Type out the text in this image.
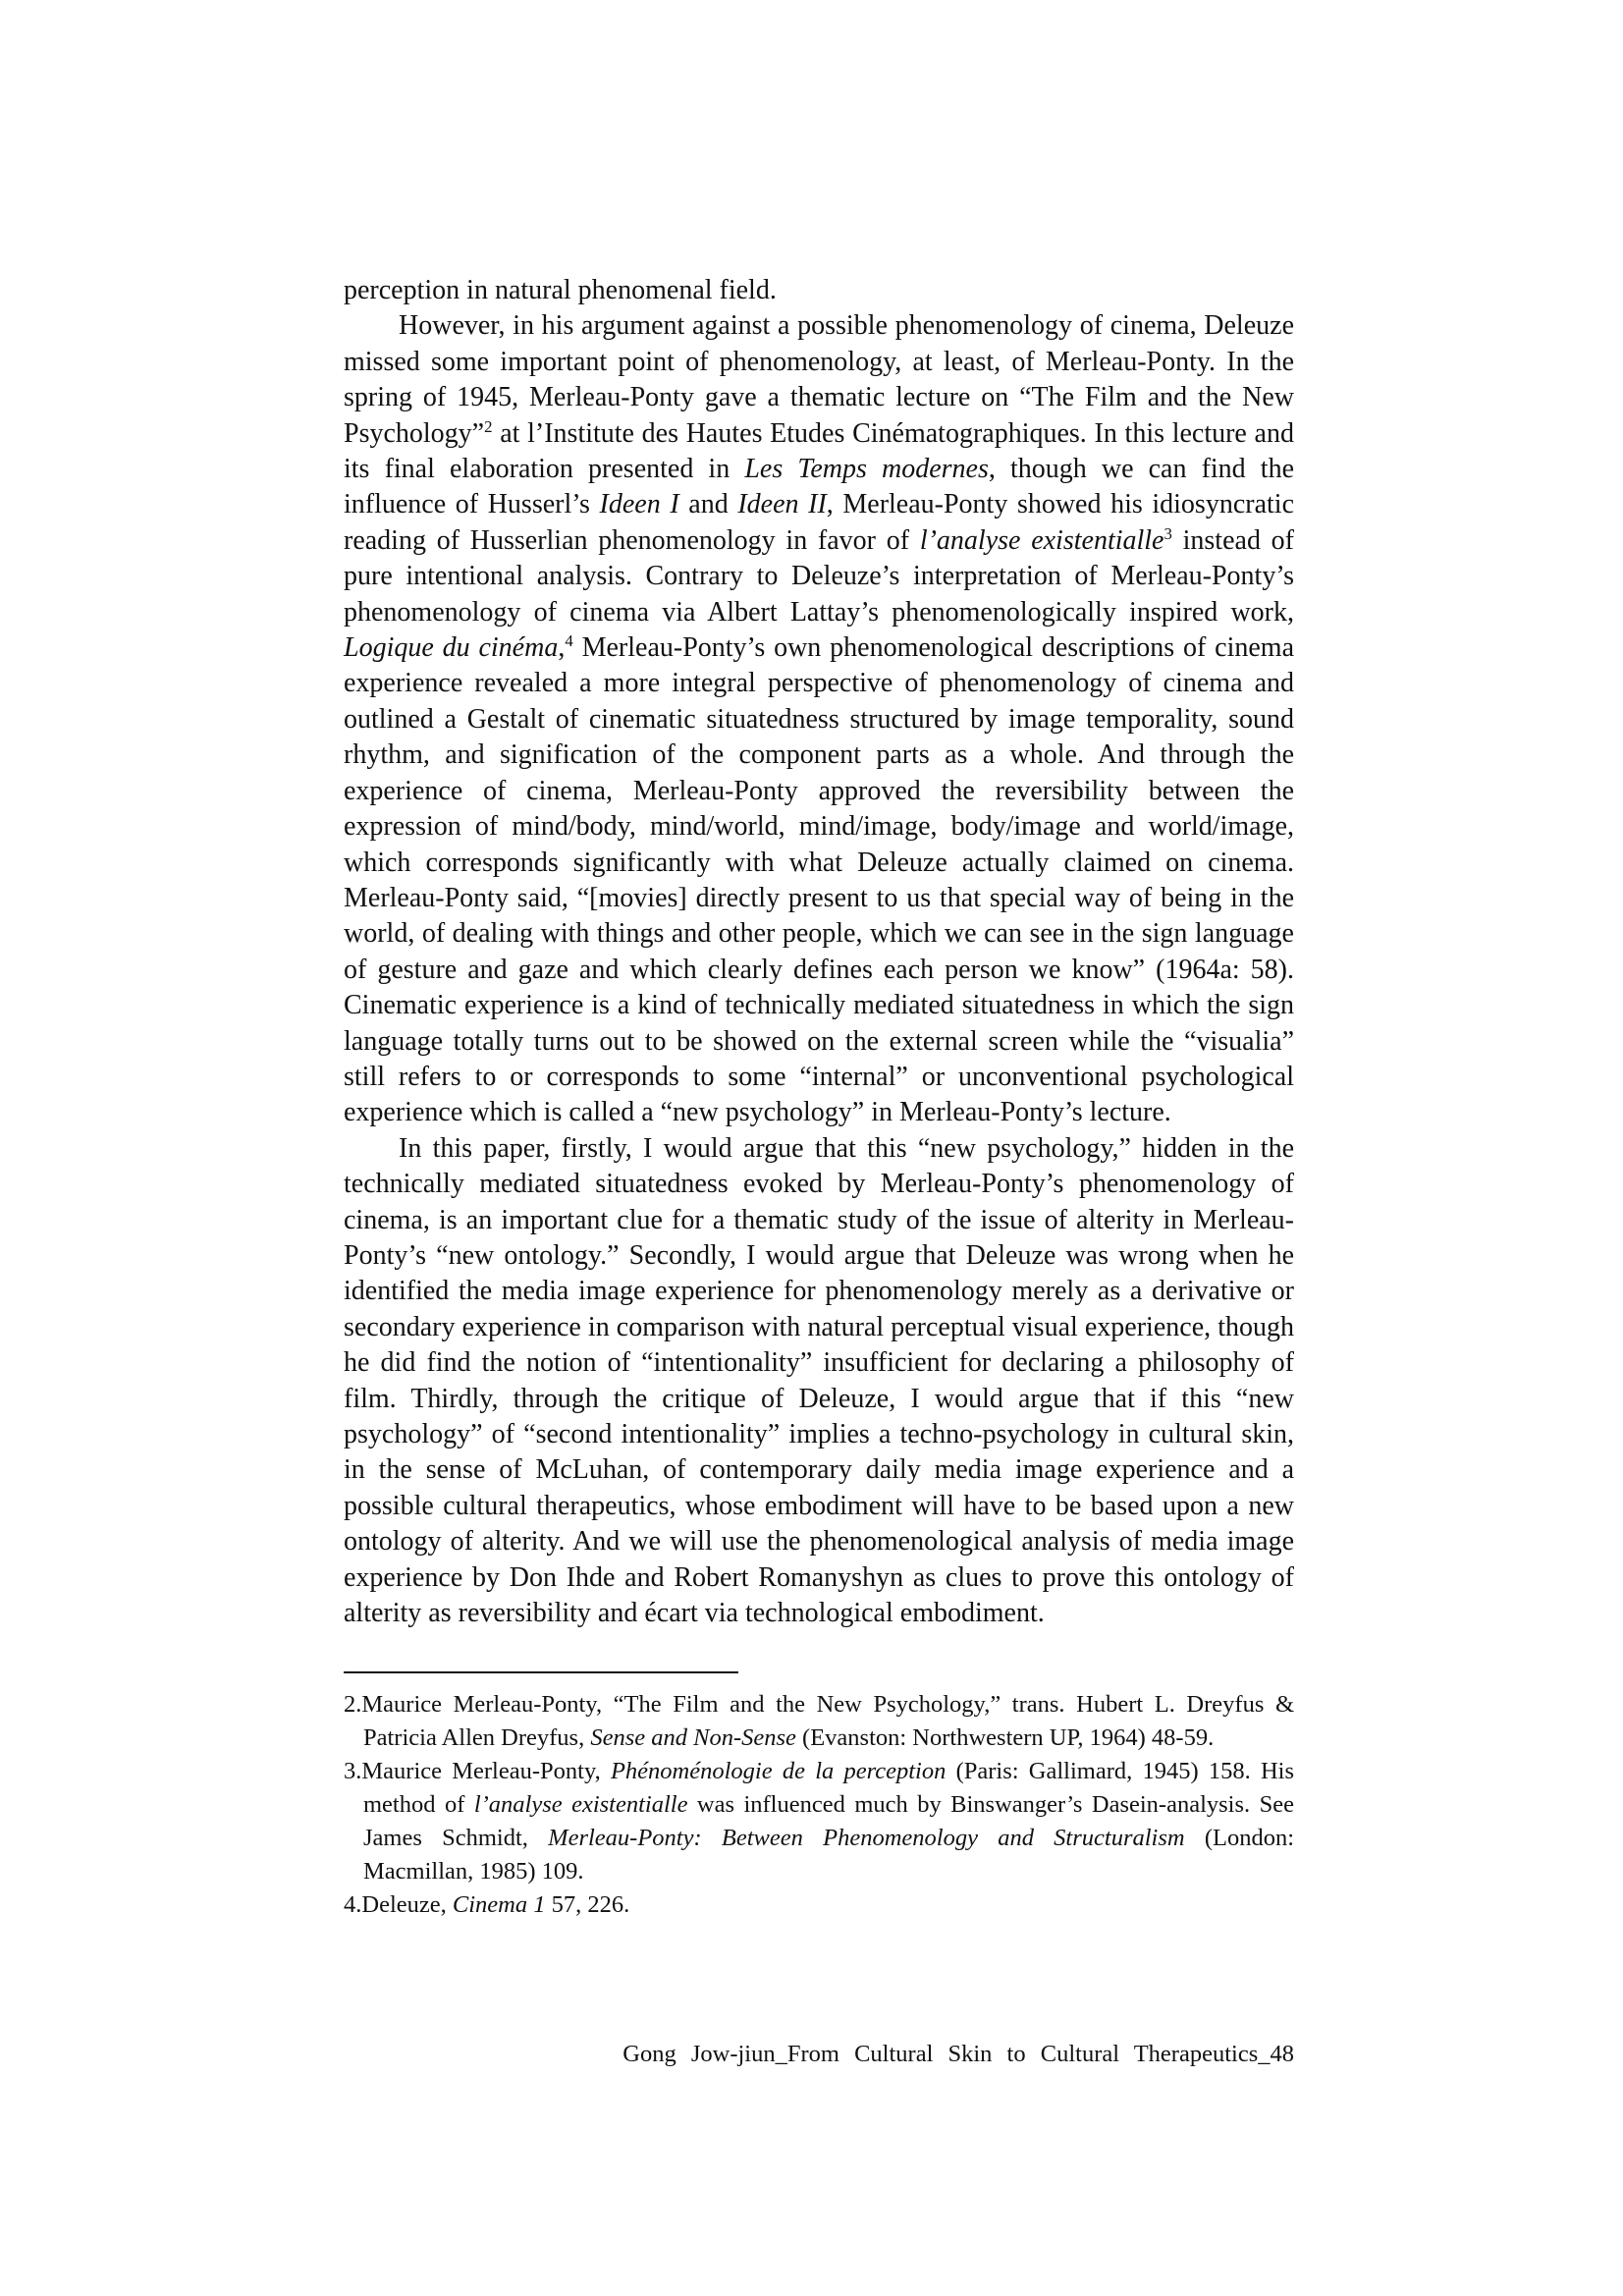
perception in natural phenomenal field.

However, in his argument against a possible phenomenology of cinema, Deleuze missed some important point of phenomenology, at least, of Merleau-Ponty. In the spring of 1945, Merleau-Ponty gave a thematic lecture on “The Film and the New Psychology”$^2$ at l’Institute des Hautes Etudes Cinématographiques. In this lecture and its final elaboration presented in Les Temps modernes, though we can find the influence of Husserl’s Ideen I and Ideen II, Merleau-Ponty showed his idiosyncratic reading of Husserlian phenomenology in favor of l’analyse existentialle$^3$ instead of pure intentional analysis. Contrary to Deleuze’s interpretation of Merleau-Ponty’s phenomenology of cinema via Albert Lattay’s phenomenologically inspired work, Logique du cinéma,$^4$ Merleau-Ponty’s own phenomenological descriptions of cinema experience revealed a more integral perspective of phenomenology of cinema and outlined a Gestalt of cinematic situatedness structured by image temporality, sound rhythm, and signification of the component parts as a whole. And through the experience of cinema, Merleau-Ponty approved the reversibility between the expression of mind/body, mind/world, mind/image, body/image and world/image, which corresponds significantly with what Deleuze actually claimed on cinema. Merleau-Ponty said, “[movies] directly present to us that special way of being in the world, of dealing with things and other people, which we can see in the sign language of gesture and gaze and which clearly defines each person we know” (1964a: 58). Cinematic experience is a kind of technically mediated situatedness in which the sign language totally turns out to be showed on the external screen while the “visualia” still refers to or corresponds to some “internal” or unconventional psychological experience which is called a “new psychology” in Merleau-Ponty’s lecture.

In this paper, firstly, I would argue that this “new psychology,” hidden in the technically mediated situatedness evoked by Merleau-Ponty’s phenomenology of cinema, is an important clue for a thematic study of the issue of alterity in Merleau-Ponty’s “new ontology.” Secondly, I would argue that Deleuze was wrong when he identified the media image experience for phenomenology merely as a derivative or secondary experience in comparison with natural perceptual visual experience, though he did find the notion of “intentionality” insufficient for declaring a philosophy of film. Thirdly, through the critique of Deleuze, I would argue that if this “new psychology” of “second intentionality” implies a techno-psychology in cultural skin, in the sense of McLuhan, of contemporary daily media image experience and a possible cultural therapeutics, whose embodiment will have to be based upon a new ontology of alterity. And we will use the phenomenological analysis of media image experience by Don Ihde and Robert Romanyshyn as clues to prove this ontology of alterity as reversibility and écart via technological embodiment.

2.Maurice Merleau-Ponty, “The Film and the New Psychology,” trans. Hubert L. Dreyfus & Patricia Allen Dreyfus, Sense and Non-Sense (Evanston: Northwestern UP, 1964) 48-59.

3.Maurice Merleau-Ponty, Phénoménologie de la perception (Paris: Gallimard, 1945) 158. His method of l’analyse existentialle was influenced much by Binswanger’s Dasein-analysis. See James Schmidt, Merleau-Ponty: Between Phenomenology and Structuralism (London: Macmillan, 1985) 109.

4.Deleuze, Cinema 1 57, 226.

Gong Jow-jiun_From Cultural Skin to Cultural Therapeutics_48
